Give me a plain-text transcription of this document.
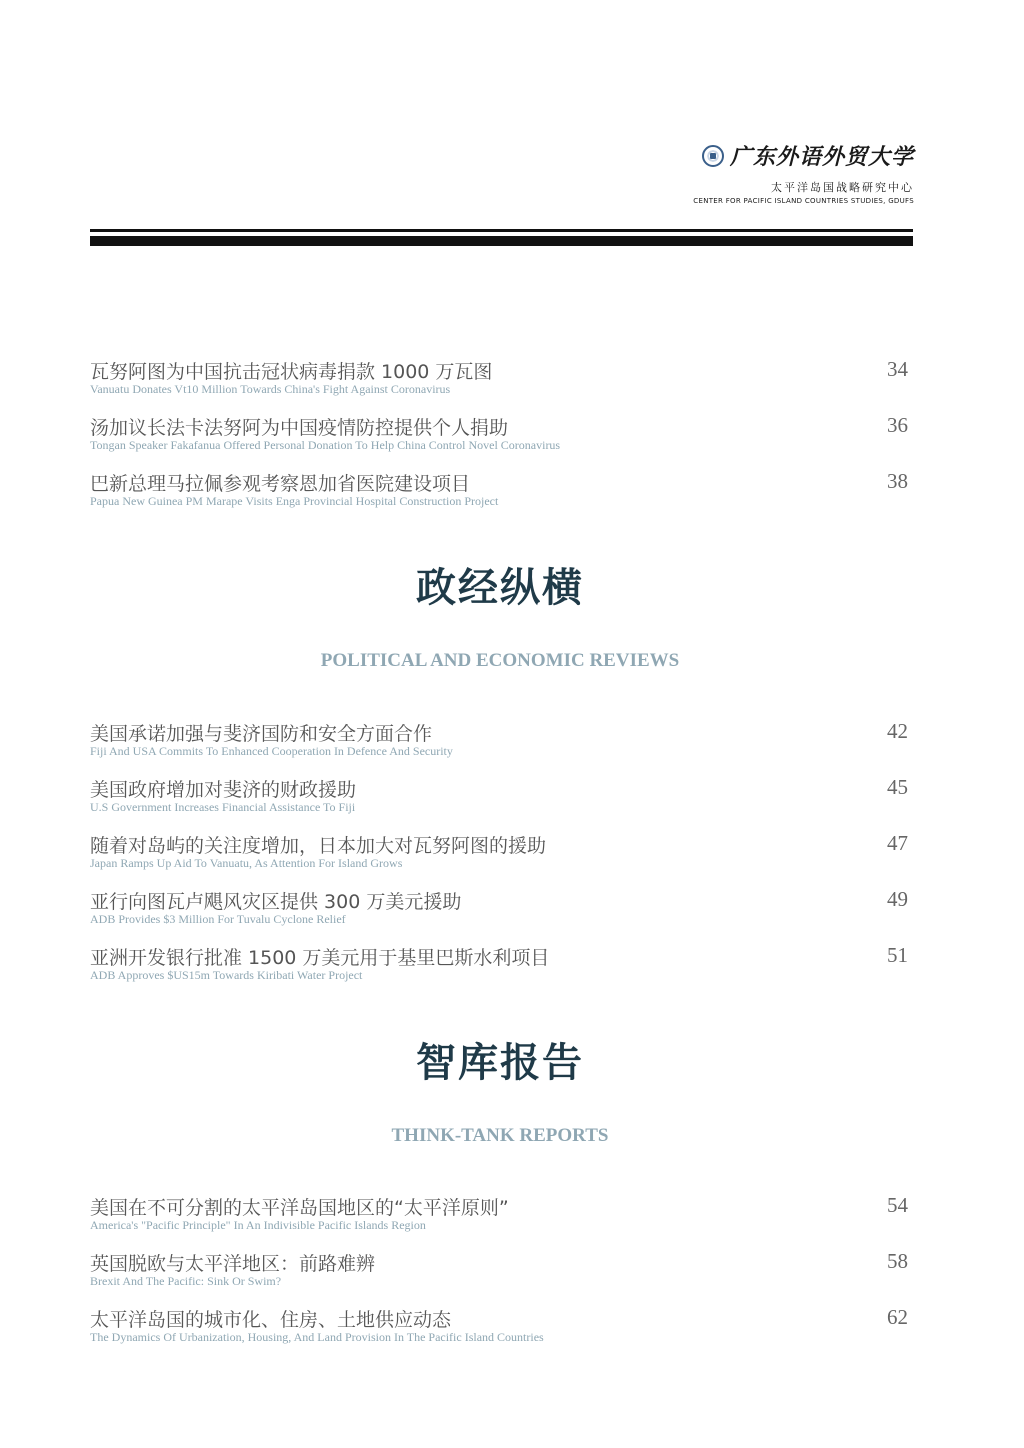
广东外语外贸大学
太平洋岛国战略研究中心
CENTER FOR PACIFIC ISLAND COUNTRIES STUDIES, GDUFS
瓦努阿图为中国抗击冠状病毒捐款 1000 万瓦图
Vanuatu Donates Vt10 Million Towards China's Fight Against Coronavirus
34
汤加议长法卡法努阿为中国疫情防控提供个人捐助
Tongan Speaker Fakafanua Offered Personal Donation To Help China Control Novel Coronavirus
36
巴新总理马拉佩参观考察恩加省医院建设项目
Papua New Guinea PM Marape Visits Enga Provincial Hospital Construction Project
38
政经纵横
POLITICAL AND ECONOMIC REVIEWS
美国承诺加强与斐济国防和安全方面合作
Fiji And USA Commits To Enhanced Cooperation In Defence And Security
42
美国政府增加对斐济的财政援助
U.S Government Increases Financial Assistance To Fiji
45
随着对岛屿的关注度增加，日本加大对瓦努阿图的援助
Japan Ramps Up Aid To Vanuatu, As Attention For Island Grows
47
亚行向图瓦卢飓风灾区提供 300 万美元援助
ADB Provides $3 Million For Tuvalu Cyclone Relief
49
亚洲开发银行批准 1500 万美元用于基里巴斯水利项目
ADB Approves $US15m Towards Kiribati Water Project
51
智库报告
THINK-TANK REPORTS
美国在不可分割的太平洋岛国地区的“太平洋原则”
America's "Pacific Principle" In An Indivisible Pacific Islands Region
54
英国脱欧与太平洋地区：前路难辨
Brexit And The Pacific: Sink Or Swim?
58
太平洋岛国的城市化、住房、土地供应动态
The Dynamics Of Urbanization, Housing, And Land Provision In The Pacific Island Countries
62
